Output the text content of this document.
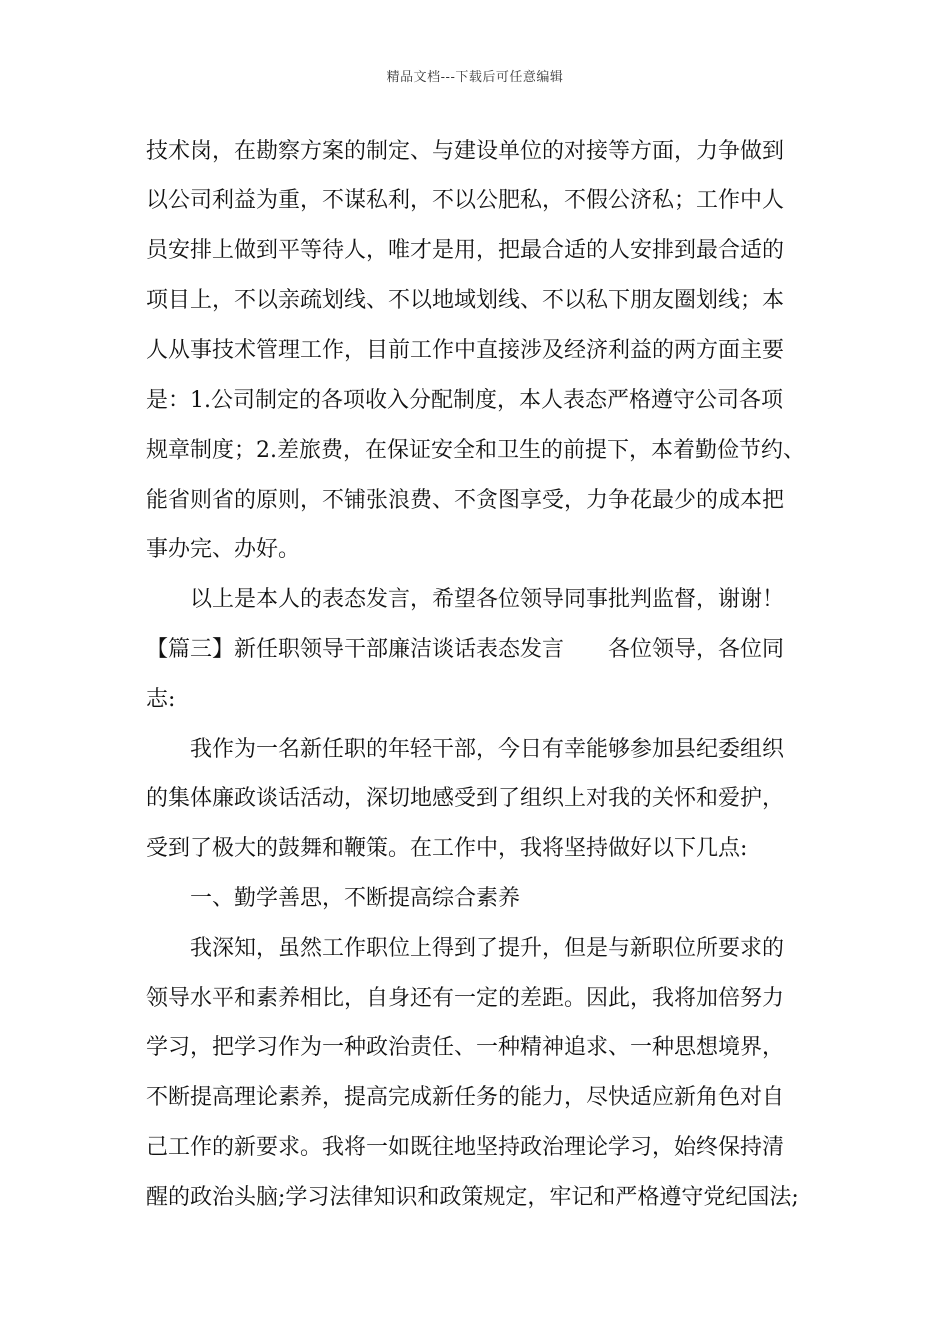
精品文档---下载后可任意编辑
技术岗，在勘察方案的制定、与建设单位的对接等方面，力争做到
以公司利益为重，不谋私利，不以公肥私，不假公济私；工作中人
员安排上做到平等待人，唯才是用，把最合适的人安排到最合适的
项目上，不以亲疏划线、不以地域划线、不以私下朋友圈划线；本
人从事技术管理工作，目前工作中直接涉及经济利益的两方面主要
是：1.公司制定的各项收入分配制度，本人表态严格遵守公司各项
规章制度；2.差旅费，在保证安全和卫生的前提下，本着勤俭节约、
能省则省的原则，不铺张浪费、不贪图享受，力争花最少的成本把
事办完、办好。
以上是本人的表态发言，希望各位领导同事批判监督，谢谢！
【篇三】新任职领导干部廉洁谈话表态发言　　各位领导，各位同
志:
我作为一名新任职的年轻干部，今日有幸能够参加县纪委组织
的集体廉政谈话活动，深切地感受到了组织上对我的关怀和爱护，
受到了极大的鼓舞和鞭策。在工作中，我将坚持做好以下几点:
一、勤学善思，不断提高综合素养
我深知，虽然工作职位上得到了提升，但是与新职位所要求的
领导水平和素养相比，自身还有一定的差距。因此，我将加倍努力
学习，把学习作为一种政治责任、一种精神追求、一种思想境界，
不断提高理论素养，提高完成新任务的能力，尽快适应新角色对自
己工作的新要求。我将一如既往地坚持政治理论学习，始终保持清
醒的政治头脑;学习法律知识和政策规定，牢记和严格遵守党纪国法;
